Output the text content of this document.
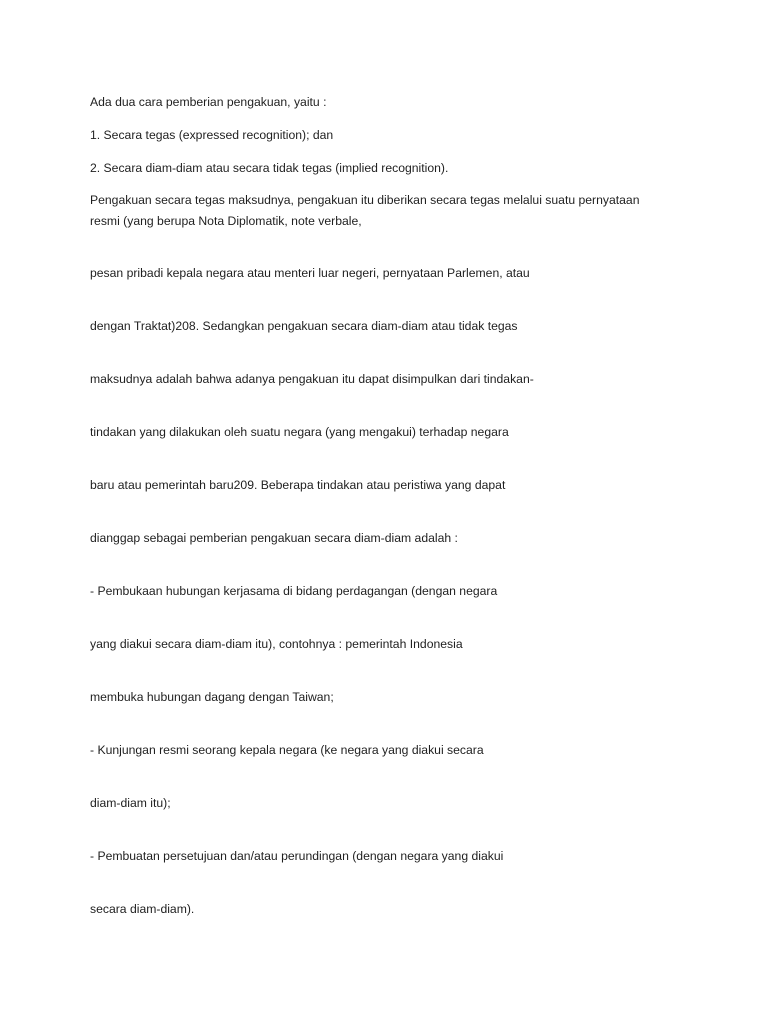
Ada dua cara pemberian pengakuan, yaitu :

1. Secara tegas (expressed recognition); dan

2. Secara diam-diam atau secara tidak tegas (implied recognition).

Pengakuan secara tegas maksudnya, pengakuan itu diberikan secara tegas melalui suatu pernyataan resmi (yang berupa Nota Diplomatik, note verbale,

pesan pribadi kepala negara atau menteri luar negeri, pernyataan Parlemen, atau

dengan Traktat)208. Sedangkan pengakuan secara diam-diam atau tidak tegas

maksudnya adalah bahwa adanya pengakuan itu dapat disimpulkan dari tindakan-

tindakan yang dilakukan oleh suatu negara (yang mengakui) terhadap negara

baru atau pemerintah baru209. Beberapa tindakan atau peristiwa yang dapat

dianggap sebagai pemberian pengakuan secara diam-diam adalah :

- Pembukaan hubungan kerjasama di bidang perdagangan (dengan negara

yang diakui secara diam-diam itu), contohnya : pemerintah Indonesia

membuka hubungan dagang dengan Taiwan;

- Kunjungan resmi seorang kepala negara (ke negara yang diakui secara

diam-diam itu);

- Pembuatan persetujuan dan/atau perundingan (dengan negara yang diakui

secara diam-diam).
